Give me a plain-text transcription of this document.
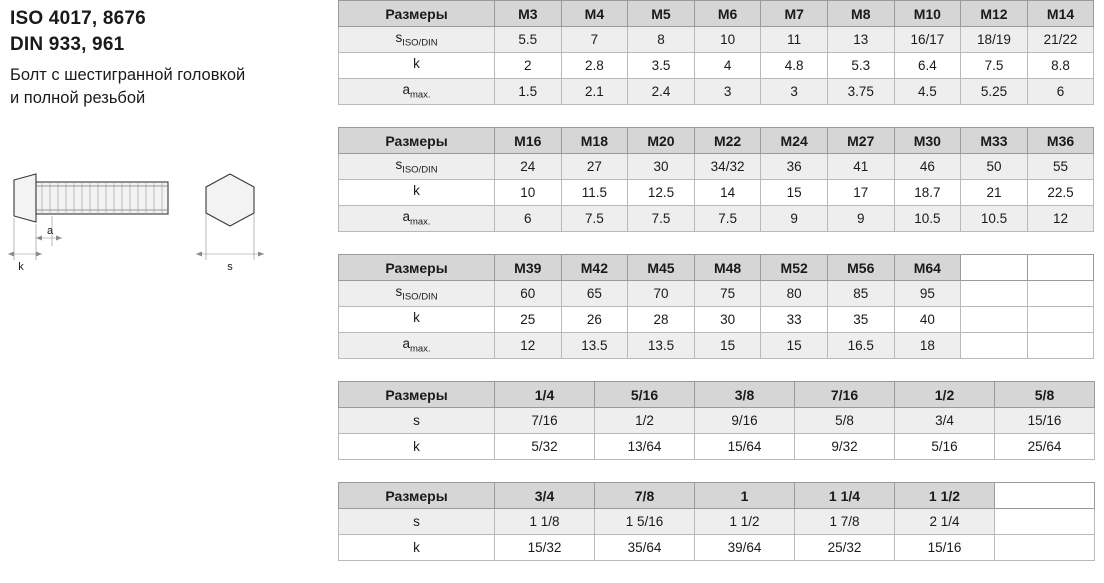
ISO 4017, 8676
DIN 933, 961
Болт с шестигранной головкой
и полной резьбой
k
a
s
Размеры	M3	M4	M5	M6	M7	M8	M10	M12	M14
$s_{ISO/DIN}$	5.5	7	8	10	11	13	16/17	18/19	21/22
k	2	2.8	3.5	4	4.8	5.3	6.4	7.5	8.8
$a_{max.}$	1.5	2.1	2.4	3	3	3.75	4.5	5.25	6
Размеры	M16	M18	M20	M22	M24	M27	M30	M33	M36
$s_{ISO/DIN}$	24	27	30	34/32	36	41	46	50	55
k	10	11.5	12.5	14	15	17	18.7	21	22.5
$a_{max.}$	6	7.5	7.5	7.5	9	9	10.5	10.5	12
Размеры	M39	M42	M45	M48	M52	M56	M64		
$s_{ISO/DIN}$	60	65	70	75	80	85	95		
k	25	26	28	30	33	35	40		
$a_{max.}$	12	13.5	13.5	15	15	16.5	18		
Размеры	1/4	5/16	3/8	7/16	1/2	5/8
s	7/16	1/2	9/16	5/8	3/4	15/16
k	5/32	13/64	15/64	9/32	5/16	25/64
Размеры	3/4	7/8	1	1 1/4	1 1/2	
s	1 1/8	1 5/16	1 1/2	1 7/8	2 1/4	
k	15/32	35/64	39/64	25/32	15/16	
